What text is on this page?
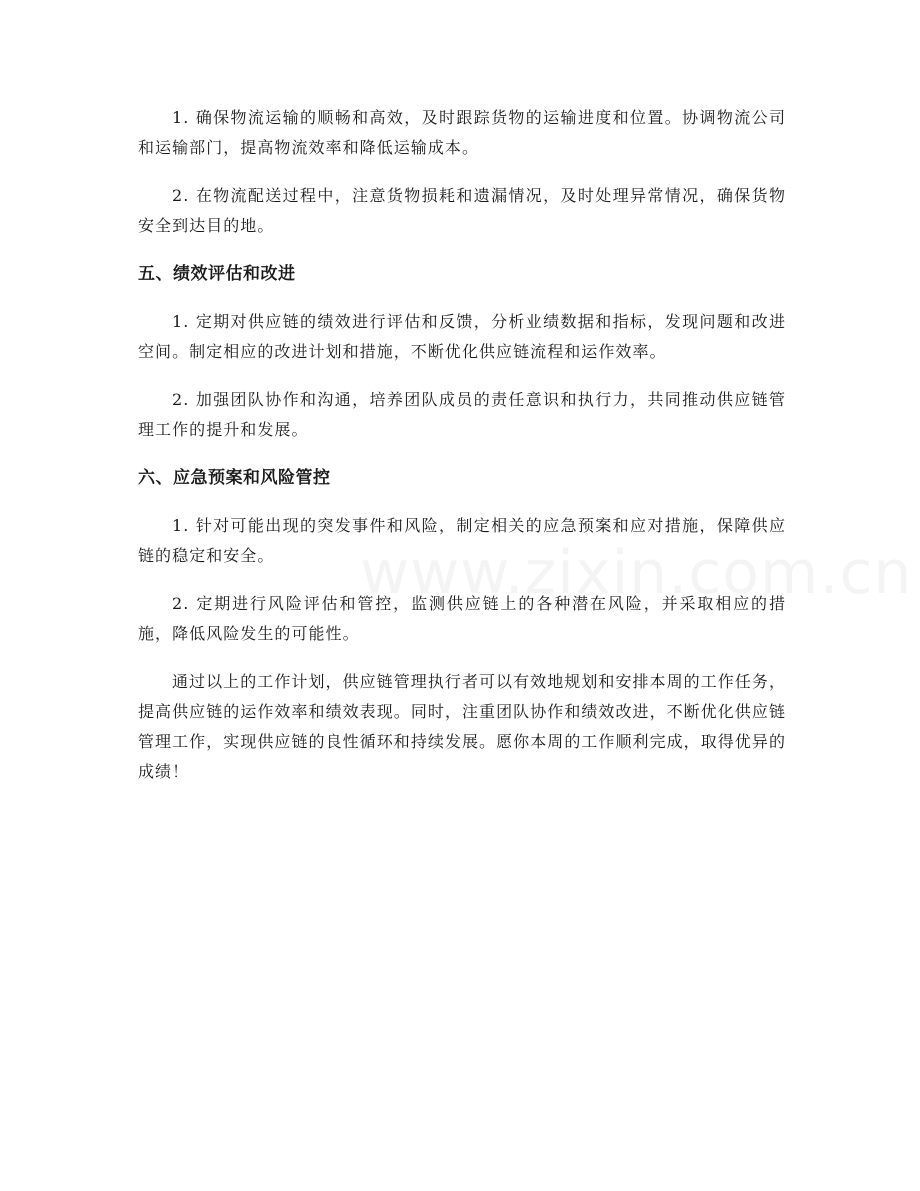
1. 确保物流运输的顺畅和高效，及时跟踪货物的运输进度和位置。协调物流公司和运输部门，提高物流效率和降低运输成本。

2. 在物流配送过程中，注意货物损耗和遗漏情况，及时处理异常情况，确保货物安全到达目的地。

五、绩效评估和改进

1. 定期对供应链的绩效进行评估和反馈，分析业绩数据和指标，发现问题和改进空间。制定相应的改进计划和措施，不断优化供应链流程和运作效率。

2. 加强团队协作和沟通，培养团队成员的责任意识和执行力，共同推动供应链管理工作的提升和发展。

六、应急预案和风险管控

1. 针对可能出现的突发事件和风险，制定相关的应急预案和应对措施，保障供应链的稳定和安全。

2. 定期进行风险评估和管控，监测供应链上的各种潜在风险，并采取相应的措施，降低风险发生的可能性。

通过以上的工作计划，供应链管理执行者可以有效地规划和安排本周的工作任务，提高供应链的运作效率和绩效表现。同时，注重团队协作和绩效改进，不断优化供应链管理工作，实现供应链的良性循环和持续发展。愿你本周的工作顺利完成，取得优异的成绩！
